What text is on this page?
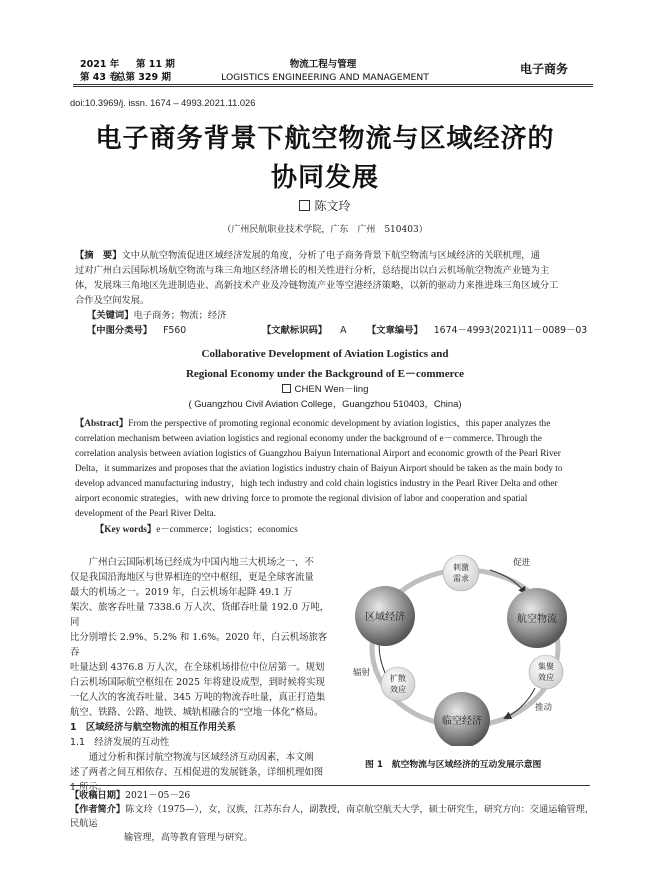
2021 年 第 11 期
第 43 卷
总第 329 期
物流工程与管理
LOGISTICS ENGINEERING AND MANAGEMENT
电子商务
doi:10.3969/j. issn. 1674 – 4993.2021.11.026
电子商务背景下航空物流与区域经济的
协同发展
陈文玲
（广州民航职业技术学院，广东　广州　510403）
【摘　要】文中从航空物流促进区域经济发展的角度，分析了电子商务背景下航空物流与区域经济的关联机理，通
过对广州白云国际机场航空物流与珠三角地区经济增长的相关性进行分析，总结提出以白云机场航空物流产业链为主
体，发展珠三角地区先进制造业、高新技术产业及冷链物流产业等空港经济策略，以新的驱动力来推进珠三角区域分工
合作及空间发展。
【关键词】电子商务；物流；经济
【中图分类号】 F560	【文献标识码】 A 【文章编号】 1674－4993(2021)11－0089－03
Collaborative Development of Aviation Logistics and
Regional Economy under the Background of E－commerce
CHEN Wen－ling
( Guangzhou Civil Aviation College，Guangzhou 510403，China)
【Abstract】From the perspective of promoting regional economic development by aviation logistics，this paper analyzes the
correlation mechanism between aviation logistics and regional economy under the background of e－commerce. Through the
correlation analysis between aviation logistics of Guangzhou Baiyun International Airport and economic growth of the Pearl River
Delta，it summarizes and proposes that the aviation logistics industry chain of Baiyun Airport should be taken as the main body to
develop advanced manufacturing industry，high tech industry and cold chain logistics industry in the Pearl River Delta and other
airport economic strategies，with new driving force to promote the regional division of labor and cooperation and spatial
development of the Pearl River Delta.
【Key words】e－commerce；logistics；economics
　　广州白云国际机场已经成为中国内地三大机场之一，不
仅是我国沿海地区与世界相连的空中枢纽，更是全球客流量
最大的机场之一。2019 年，白云机场年起降 49.1 万
架次、旅客吞吐量 7338.6 万人次、货邮吞吐量 192.0 万吨，同
比分别增长 2.9%、5.2% 和 1.6%。2020 年，白云机场旅客吞
吐量达到 4376.8 万人次，在全球机场排位中位居第一。规划
白云机场国际航空枢纽在 2025 年将建设成型，到时候将实现
一亿人次的客流吞吐量、345 万吨的物流吞吐量，真正打造集
航空、铁路、公路、地铁、城轨相融合的“空地一体化”格局。
1　区域经济与航空物流的相互作用关系
1.1　经济发展的互动性
　　通过分析和探讨航空物流与区域经济互动因素，本文阐
述了两者之间互相依存、互相促进的发展链条，详细机理如图
1 所示。
区域经济	航空物流
临空经济
刺激
需求
集聚
效应
扩散
效应
促进
推动
辐射
图 1　航空物流与区域经济的互动发展示意图
【收稿日期】2021－05－26
【作者简介】陈文玲（1975—），女，汉族，江苏东台人，副教授，南京航空航天大学，硕士研究生，研究方向：交通运输管理，民航运
输管理，高等教育管理与研究。
